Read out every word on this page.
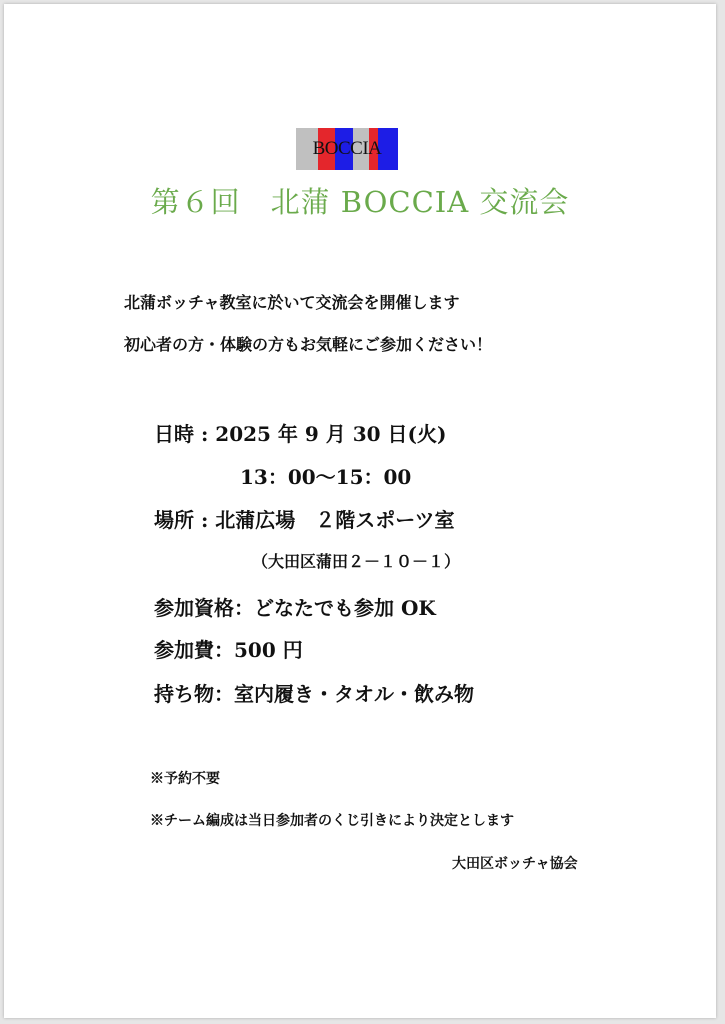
BOCCIA
第６回　北蒲 BOCCIA 交流会
北蒲ボッチャ教室に於いて交流会を開催します
初心者の方・体験の方もお気軽にご参加ください！
日時 : 2025 年 9 月 30 日(火)
13：00～15：00
場所 : 北蒲広場　２階スポーツ室
（大田区蒲田２－１０－１）
参加資格：どなたでも参加 OK
参加費：500 円
持ち物：室内履き・タオル・飲み物
※予約不要
※チーム編成は当日参加者のくじ引きにより決定とします
大田区ボッチャ協会
